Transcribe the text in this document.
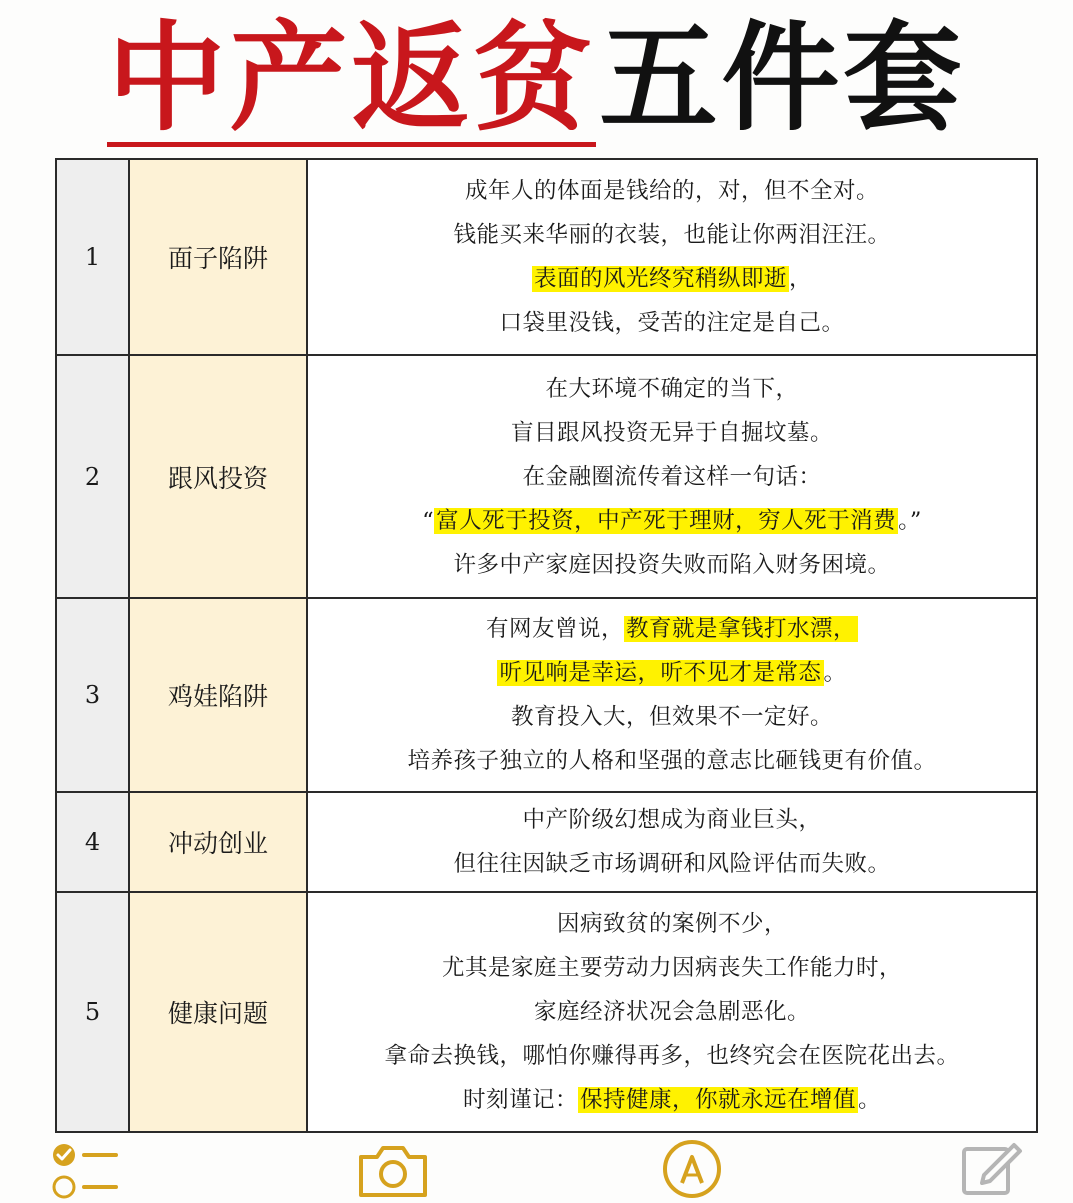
中产返贫五件套
1	面子陷阱	成年人的体面是钱给的，对，但不全对。
钱能买来华丽的衣装，也能让你两泪汪汪。
表面的风光终究稍纵即逝，
口袋里没钱，受苦的注定是自己。

2	跟风投资	在大环境不确定的当下，
盲目跟风投资无异于自掘坟墓。
在金融圈流传着这样一句话：
“富人死于投资，中产死于理财，穷人死于消费。”
许多中产家庭因投资失败而陷入财务困境。

3	鸡娃陷阱	有网友曾说，教育就是拿钱打水漂，
听见响是幸运，听不见才是常态。
教育投入大，但效果不一定好。
培养孩子独立的人格和坚强的意志比砸钱更有价值。

4	冲动创业	中产阶级幻想成为商业巨头，
但往往因缺乏市场调研和风险评估而失败。

5	健康问题	因病致贫的案例不少，
尤其是家庭主要劳动力因病丧失工作能力时，
家庭经济状况会急剧恶化。
拿命去换钱，哪怕你赚得再多，也终究会在医院花出去。
时刻谨记：保持健康，你就永远在增值。
